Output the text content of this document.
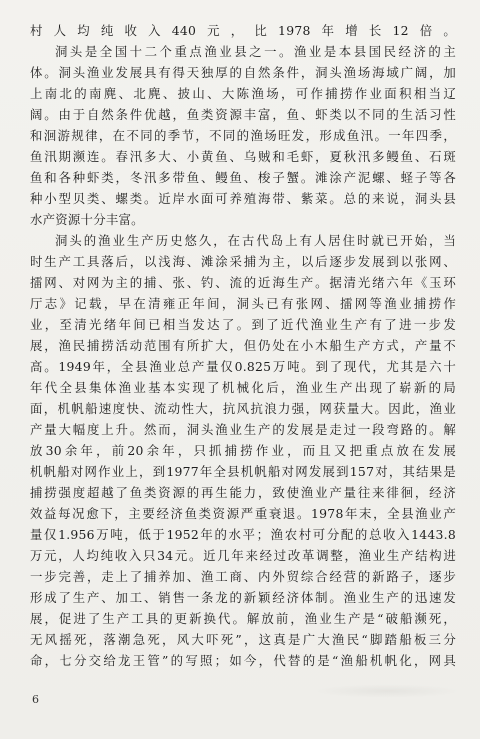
村人均纯收入440元，比1978年增长12倍。
洞头是全国十二个重点渔业县之一。渔业是本县国民经济的主
体。洞头渔业发展具有得天独厚的自然条件，洞头渔场海域广阔，加
上南北的南麂、北麂、披山、大陈渔场，可作捕捞作业面积相当辽
阔。由于自然条件优越，鱼类资源丰富，鱼、虾类以不同的生活习性
和洄游规律，在不同的季节，不同的渔场旺发，形成鱼汛。一年四季，
鱼汛期濒连。春汛多大、小黄鱼、乌贼和毛虾，夏秋汛多鳗鱼、石斑
鱼和各种虾类，冬汛多带鱼、鳗鱼、梭子蟹。滩涂产泥螺、蛏子等各
种小型贝类、螺类。近岸水面可养殖海带、紫菜。总的来说，洞头县
水产资源十分丰富。
洞头的渔业生产历史悠久，在古代岛上有人居住时就已开始，当
时生产工具落后，以浅海、滩涂采捕为主，以后逐步发展到以张网、
擂网、对网为主的捕、张、钓、流的近海生产。据清光绪六年《玉环
厅志》记载，早在清雍正年间，洞头已有张网、擂网等渔业捕捞作
业，至清光绪年间已相当发达了。到了近代渔业生产有了进一步发
展，渔民捕捞活动范围有所扩大，但仍处在小木船生产方式，产量不
高。1949年，全县渔业总产量仅0.825万吨。到了现代，尤其是六十
年代全县集体渔业基本实现了机械化后，渔业生产出现了崭新的局
面，机帆船速度快、流动性大，抗风抗浪力强，网获量大。因此，渔业
产量大幅度上升。然而，洞头渔业生产的发展是走过一段弯路的。解
放30余年，前20余年，只抓捕捞作业，而且又把重点放在发展
机帆船对网作业上，到1977年全县机帆船对网发展到157对，其结果是
捕捞强度超越了鱼类资源的再生能力，致使渔业产量往来徘徊，经济
效益每况愈下，主要经济鱼类资源严重衰退。1978年末，全县渔业产
量仅1.956万吨，低于1952年的水平；渔农村可分配的总收入1443.8
万元，人均纯收入只34元。近几年来经过改革调整，渔业生产结构进
一步完善，走上了捕养加、渔工商、内外贸综合经营的新路子，逐步
形成了生产、加工、销售一条龙的新颖经济体制。渔业生产的迅速发
展，促进了生产工具的更新换代。解放前，渔业生产是“破船濒死，
无风摇死，落潮急死，风大吓死”，这真是广大渔民“脚踏船板三分
命，七分交给龙王管”的写照；如今，代替的是“渔船机帆化，网具
6
